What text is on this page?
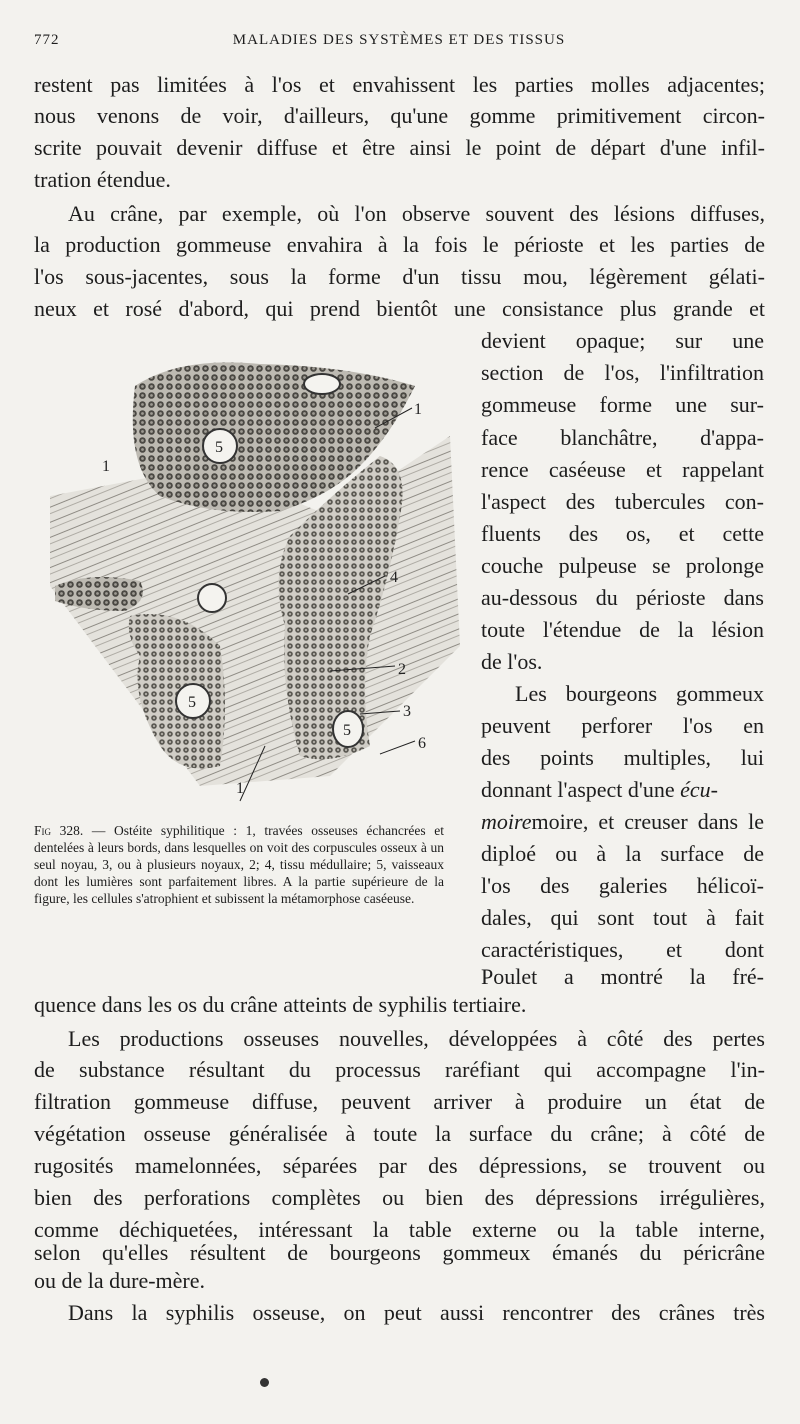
772	MALADIES DES SYSTÈMES ET DES TISSUS
restent pas limitées à l'os et envahissent les parties molles adjacentes;
nous venons de voir, d'ailleurs, qu'une gomme primitivement circon-
scrite pouvait devenir diffuse et être ainsi le point de départ d'une infil-
tration étendue.
Au crâne, par exemple, où l'on observe souvent des lésions diffuses,
la production gommeuse envahira à la fois le périoste et les parties de
l'os sous-jacentes, sous la forme d'un tissu mou, légèrement gélati-
neux et rosé d'abord, qui prend bientôt une consistance plus grande et
devient opaque; sur une
section de l'os, l'infiltration
gommeuse forme une sur-
face blanchâtre, d'appa-
rence caséeuse et rappelant
l'aspect des tubercules con-
fluents des os, et cette
couche pulpeuse se prolonge
au-dessous du périoste dans
toute l'étendue de la lésion
de l'os.
Les bourgeons gommeux
peuvent perforer l'os en
des points multiples, lui
donnant l'aspect d'une écu-
moiremoire, et creuser dans le
diploé ou à la surface de
l'os des galeries hélicoï-
dales, qui sont tout à fait
caractéristiques, et dont
Poulet a montré la fré-
1
1
1
4
2
3
6
5
5
5
Fig 328. — Ostéite syphilitique : 1, travées osseuses échancrées et dentelées à leurs bords, dans lesquelles on voit des corpuscules osseux à un seul noyau, 3, ou à plusieurs noyaux, 2; 4, tissu médullaire; 5, vaisseaux dont les lumières sont parfaitement libres. A la partie supérieure de la figure, les cellules s'atrophient et subissent la métamorphose caséeuse.
quence dans les os du crâne atteints de syphilis tertiaire.
Les productions osseuses nouvelles, développées à côté des pertes
de substance résultant du processus raréfiant qui accompagne l'in-
filtration gommeuse diffuse, peuvent arriver à produire un état de
végétation osseuse généralisée à toute la surface du crâne; à côté de
rugosités mamelonnées, séparées par des dépressions, se trouvent ou
bien des perforations complètes ou bien des dépressions irrégulières,
comme déchiquetées, intéressant la table externe ou la table interne,
selon qu'elles résultent de bourgeons gommeux émanés du péricrâne
ou de la dure-mère.
Dans la syphilis osseuse, on peut aussi rencontrer des crânes très
